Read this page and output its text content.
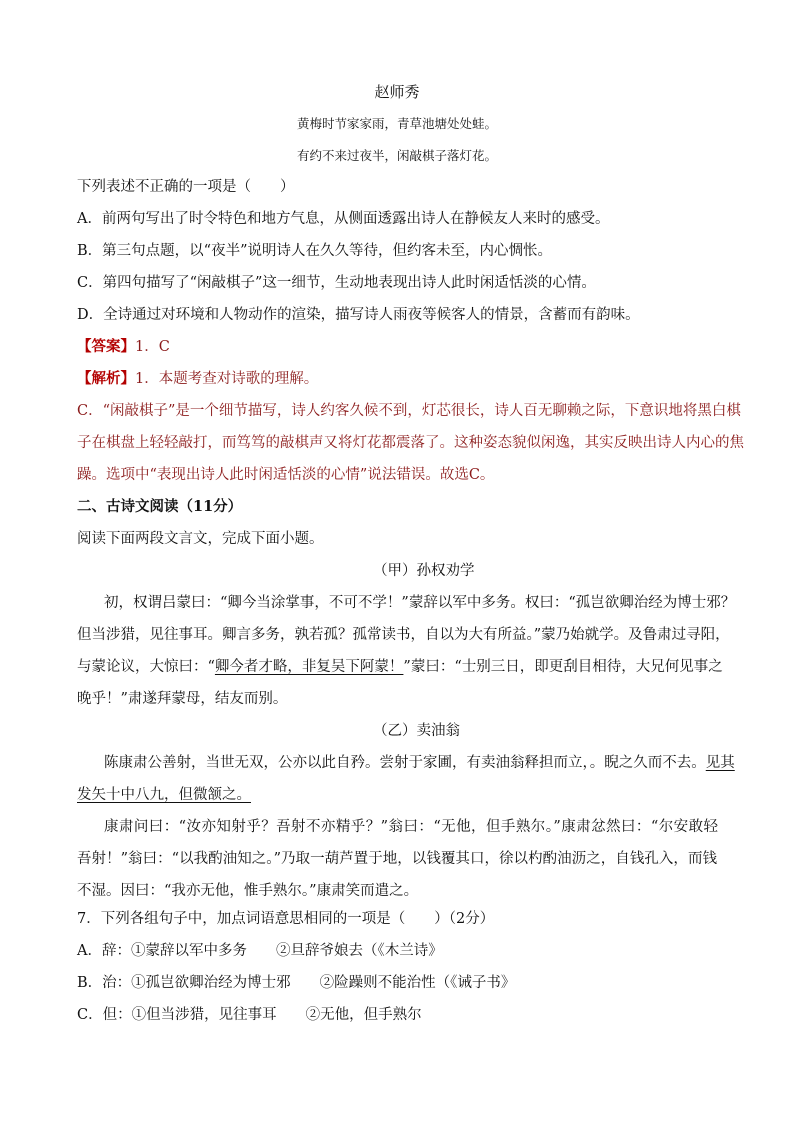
赵师秀
黄梅时节家家雨，青草池塘处处蛙。
有约不来过夜半，闲敲棋子落灯花。
下列表述不正确的一项是（　　）
A．前两句写出了时令特色和地方气息，从侧面透露出诗人在静候友人来时的感受。
B．第三句点题，以“夜半”说明诗人在久久等待，但约客未至，内心惆怅。
C．第四句描写了“闲敲棋子”这一细节，生动地表现出诗人此时闲适恬淡的心情。
D．全诗通过对环境和人物动作的渲染，描写诗人雨夜等候客人的情景，含蓄而有韵味。
【答案】1．C
【解析】1．本题考查对诗歌的理解。
C．“闲敲棋子”是一个细节描写，诗人约客久候不到，灯芯很长，诗人百无聊赖之际，下意识地将黑白棋
子在棋盘上轻轻敲打，而笃笃的敲棋声又将灯花都震落了。这种姿态貌似闲逸，其实反映出诗人内心的焦
躁。选项中“表现出诗人此时闲适恬淡的心情”说法错误。故选C。
二、古诗文阅读（11分）
阅读下面两段文言文，完成下面小题。
（甲）孙权劝学
初，权谓吕蒙曰：“卿今当涂掌事，不可不学！”蒙辞以军中多务。权曰：“孤岂欲卿治经为博士邪？
但当涉猎，见往事耳。卿言多务，孰若孤？孤常读书，自以为大有所益。”蒙乃始就学。及鲁肃过寻阳，
与蒙论议，大惊曰：“卿今者才略，非复吴下阿蒙！”蒙曰：“士别三日，即更刮目相待，大兄何见事之
晚乎！”肃遂拜蒙母，结友而别。
（乙）卖油翁
陈康肃公善射，当世无双，公亦以此自矜。尝射于家圃，有卖油翁释担而立，。睨之久而不去。见其
发矢十中八九，但微颔之。
康肃问曰：“汝亦知射乎？吾射不亦精乎？”翁曰：“无他，但手熟尔。”康肃忿然曰：“尔安敢轻
吾射！”翁曰：“以我酌油知之。”乃取一葫芦置于地，以钱覆其口，徐以杓酌油沥之，自钱孔入，而钱
不湿。因曰：“我亦无他，惟手熟尔。”康肃笑而遣之。
7．下列各组句子中，加点词语意思相同的一项是（　　）（2分）
A．辞：①蒙辞以军中多务　　②旦辞爷娘去（《木兰诗》
B．治：①孤岂欲卿治经为博士邪　　②险躁则不能治性（《诫子书》
C．但：①但当涉猎，见往事耳　　②无他，但手熟尔
